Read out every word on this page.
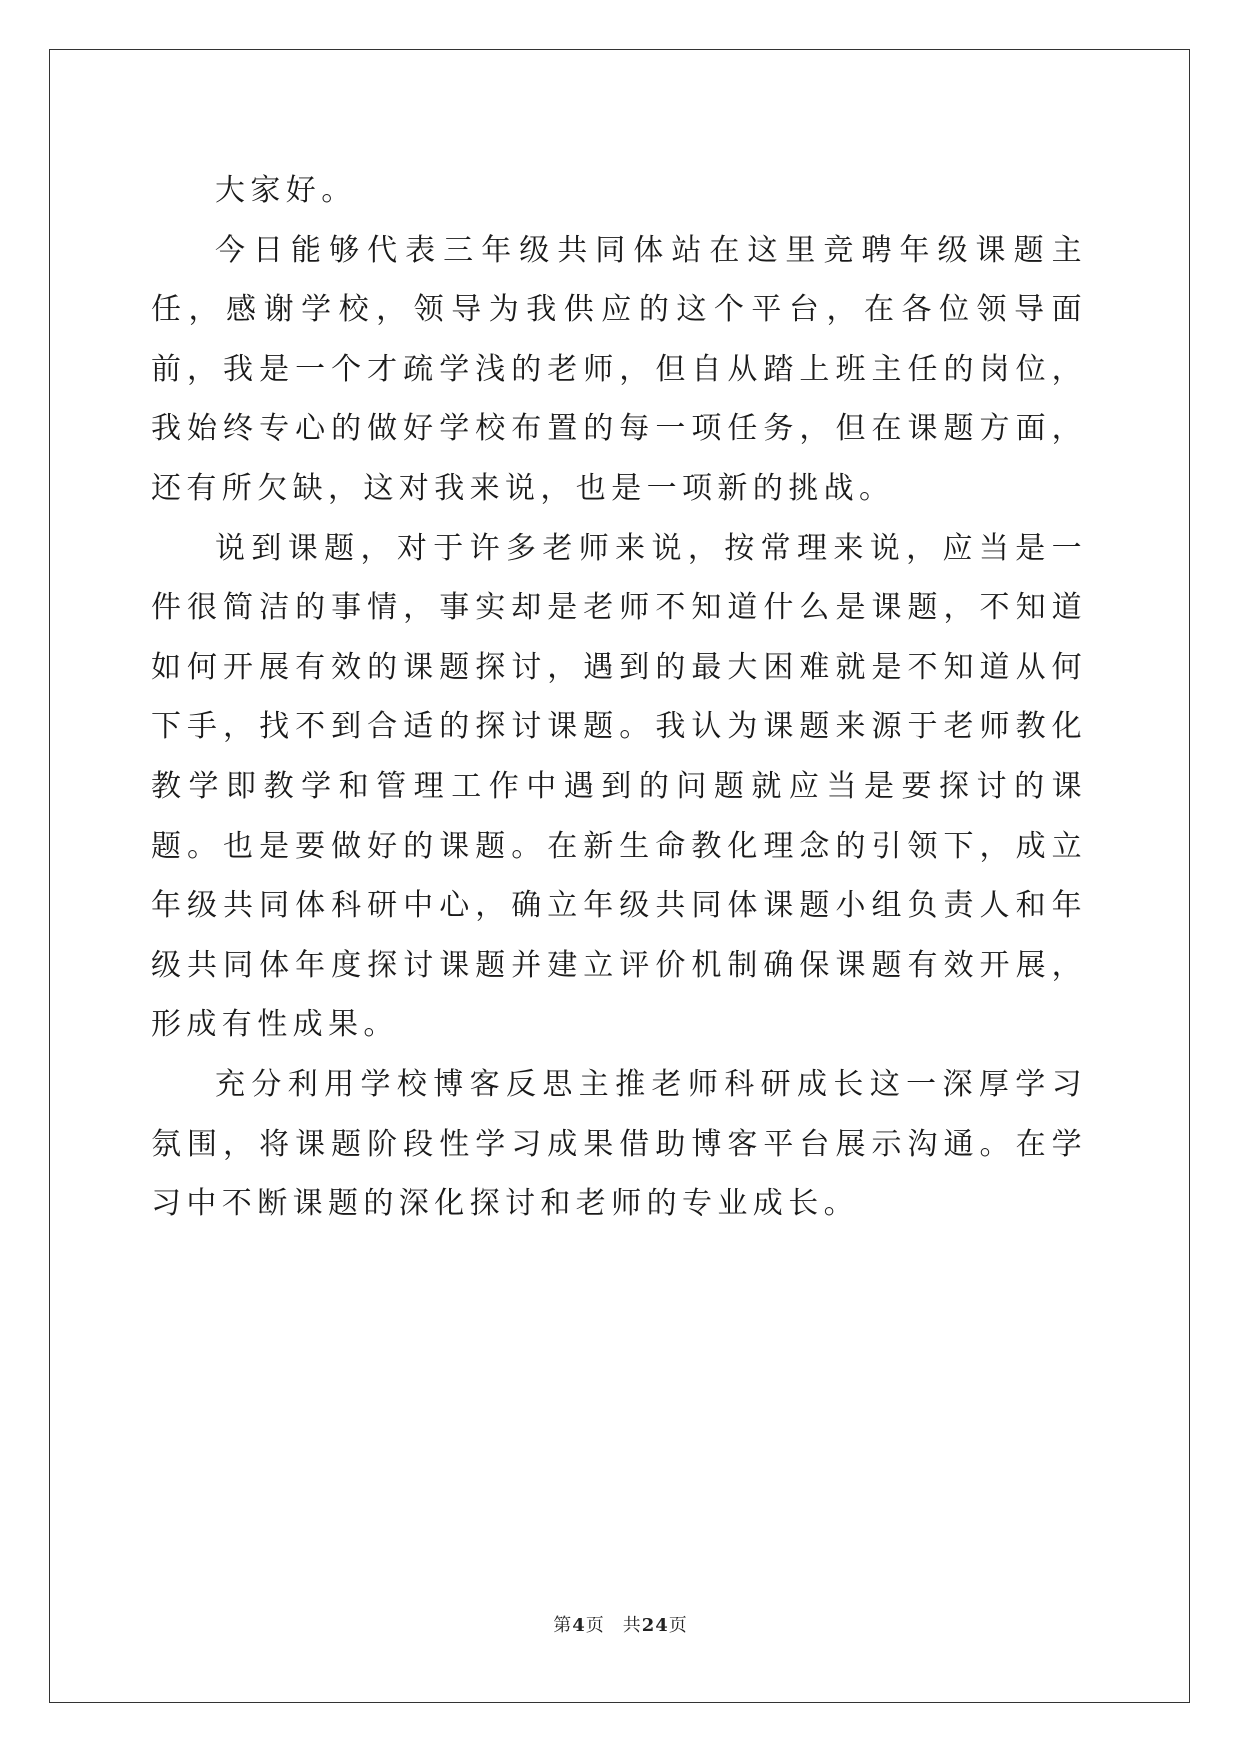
大家好。

今日能够代表三年级共同体站在这里竞聘年级课题主任，感谢学校，领导为我供应的这个平台，在各位领导面前，我是一个才疏学浅的老师，但自从踏上班主任的岗位，我始终专心的做好学校布置的每一项任务，但在课题方面，还有所欠缺，这对我来说，也是一项新的挑战。

说到课题，对于许多老师来说，按常理来说，应当是一件很简洁的事情，事实却是老师不知道什么是课题，不知道如何开展有效的课题探讨，遇到的最大困难就是不知道从何下手，找不到合适的探讨课题。我认为课题来源于老师教化教学即教学和管理工作中遇到的问题就应当是要探讨的课题。也是要做好的课题。在新生命教化理念的引领下，成立年级共同体科研中心，确立年级共同体课题小组负责人和年级共同体年度探讨课题并建立评价机制确保课题有效开展，形成有性成果。

充分利用学校博客反思主推老师科研成长这一深厚学习氛围，将课题阶段性学习成果借助博客平台展示沟通。在学习中不断课题的深化探讨和老师的专业成长。

第4页 共24页
